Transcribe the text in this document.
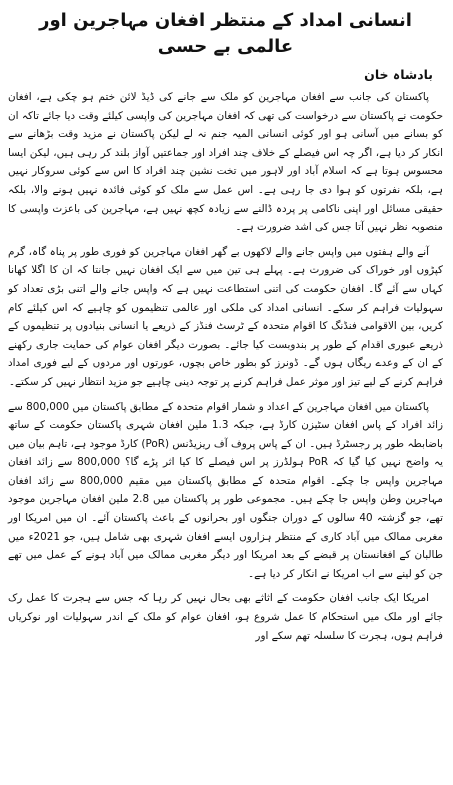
انسانی امداد کے منتظر افغان مہاجرین اور عالمی بے حسی
بادشاہ خان

پاکستان کی جانب سے افغان مہاجرین کو ملک سے جانے کی ڈیڈ لائن ختم ہو چکی ہے، افغان حکومت نے پاکستان سے درخواست کی تھی کہ افغان مہاجرین کی واپسی کیلئے وقت دیا جائے تاکہ ان کو بسانے میں آسانی ہو اور کوئی انسانی المیہ جنم نہ لے لیکن پاکستان نے مزید وقت بڑھانے سے انکار کر دیا ہے، اگر چہ اس فیصلے کے خلاف چند افراد اور جماعتیں آواز بلند کر رہی ہیں، لیکن ایسا محسوس ہوتا ہے کہ اسلام آباد اور لاہور میں تخت نشین چند افراد کا اس سے کوئی سروکار نہیں ہے، بلکہ نفرتوں کو ہوا دی جا رہی ہے۔ اس عمل سے ملک کو کوئی فائدہ نہیں ہونے والا، بلکہ حقیقی مسائل اور اپنی ناکامی پر پردہ ڈالنے سے زیادہ کچھ نہیں ہے، مہاجرین کی باعزت واپسی کا منصوبہ نظر نہیں آتا جس کی اشد ضرورت ہے۔

آنے والے ہفتوں میں واپس جانے والے لاکھوں بے گھر افغان مہاجرین کو فوری طور پر پناہ گاہ، گرم کپڑوں اور خوراک کی ضرورت ہے۔ پہلے ہی تین میں سے ایک افغان نہیں جانتا کہ ان کا اگلا کھانا کہاں سے آئے گا۔ افغان حکومت کی اتنی استطاعت نہیں ہے کہ واپس جانے والے اتنی بڑی تعداد کو سہولیات فراہم کر سکے۔ انسانی امداد کی ملکی اور عالمی تنظیموں کو چاہیے کہ اس کیلئے کام کریں، بین الاقوامی فنڈنگ کا اقوام متحدہ کے ٹرسٹ فنڈز کے ذریعے یا انسانی بنیادوں پر تنظیموں کے ذریعے عبوری اقدام کے طور پر بندوبست کیا جائے۔ بصورت دیگر افغان عوام کی حمایت جاری رکھنے کے ان کے وعدے ریگاں ہوں گے۔ ڈونرز کو بطور خاص بچوں، عورتوں اور مردوں کے لیے فوری امداد فراہم کرنے کے لیے تیز اور موثر عمل فراہم کرنے پر توجہ دینی چاہیے جو مزید انتظار نہیں کر سکتے۔

پاکستان میں افغان مہاجرین کے اعداد و شمار اقوام متحدہ کے مطابق پاکستان میں 800,000 سے زائد افراد کے پاس افغان سٹیزن کارڈ ہے، جبکہ 1.3 ملین افغان شہری پاکستان حکومت کے ساتھ باضابطہ طور پر رجسٹرڈ ہیں۔ ان کے پاس پروف آف ریزیڈنس (PoR) کارڈ موجود ہے، تاہم بیان میں یہ واضح نہیں کیا گیا کہ PoR ہولڈرز پر اس فیصلے کا کیا اثر پڑے گا؟ 800,000 سے زائد افغان مہاجرین واپس جا چکے۔ اقوام متحدہ کے مطابق پاکستان میں مقیم 800,000 سے زائد افغان مہاجرین وطن واپس جا چکے ہیں۔ مجموعی طور پر پاکستان میں 2.8 ملین افغان مہاجرین موجود تھے، جو گزشتہ 40 سالوں کے دوران جنگوں اور بحرانوں کے باعث پاکستان آئے۔ ان میں امریکا اور مغربی ممالک میں آباد کاری کے منتظر ہزاروں ایسے افغان شہری بھی شامل ہیں، جو 2021ء میں طالبان کے افغانستان پر قبضے کے بعد امریکا اور دیگر مغربی ممالک میں آباد ہونے کے عمل میں تھے جن کو لینے سے اب امریکا نے انکار کر دیا ہے۔

امریکا ایک جانب افغان حکومت کے اثاثے بھی بحال نہیں کر رہا کہ جس سے ہجرت کا عمل رک جائے اور ملک میں استحکام کا عمل شروع ہو، افغان عوام کو ملک کے اندر سہولیات اور نوکریاں فراہم ہوں، ہجرت کا سلسلہ تھم سکے اور
